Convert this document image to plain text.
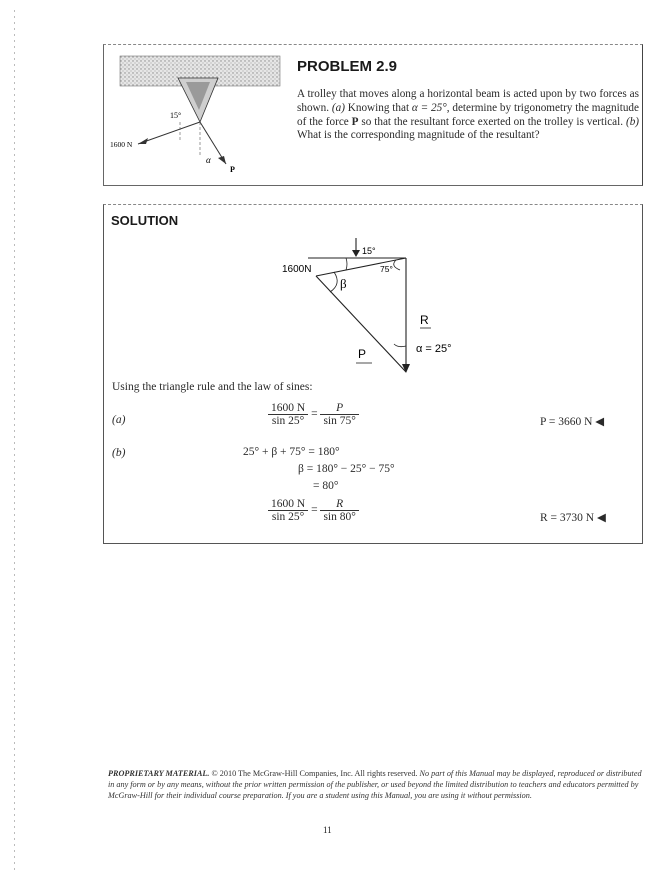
15°
1600 N
α
P
PROBLEM 2.9
A trolley that moves along a horizontal beam is acted upon by two forces as shown. (a) Knowing that α = 25°, determine by trigonometry the magnitude of the force P so that the resultant force exerted on the trolley is vertical. (b) What is the corresponding magnitude of the resultant?
SOLUTION
1600N
15°
75°
β
R
P	α = 25°
Using the triangle rule and the law of sines:
(a)	$\frac{1600 N}{\sin 25^\circ} = \frac{P}{\sin 75^\circ}$	P = 3660 N ◀
(b)	25° + β + 75° = 180°
β = 180° − 25° − 75°
= 80°
$\frac{1600 N}{\sin 25^\circ} = \frac{R}{\sin 80^\circ}$	R = 3730 N ◀
PROPRIETARY MATERIAL. © 2010 The McGraw-Hill Companies, Inc. All rights reserved. No part of this Manual may be displayed, reproduced or distributed in any form or by any means, without the prior written permission of the publisher, or used beyond the limited distribution to teachers and educators permitted by McGraw-Hill for their individual course preparation. If you are a student using this Manual, you are using it without permission.
11
